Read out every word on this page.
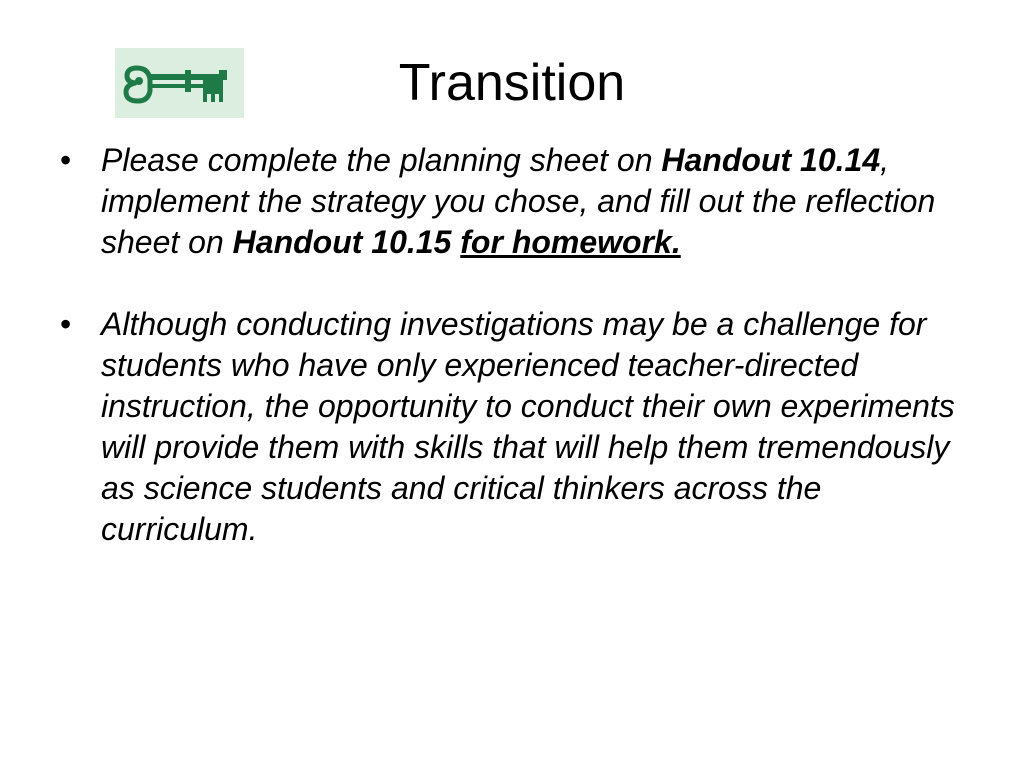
Transition
• Please complete the planning sheet on Handout 10.14, implement the strategy you chose, and fill out the reflection sheet on Handout 10.15 for homework.
• Although conducting investigations may be a challenge for students who have only experienced teacher-directed instruction, the opportunity to conduct their own experiments will provide them with skills that will help them tremendously as science students and critical thinkers across the curriculum.
